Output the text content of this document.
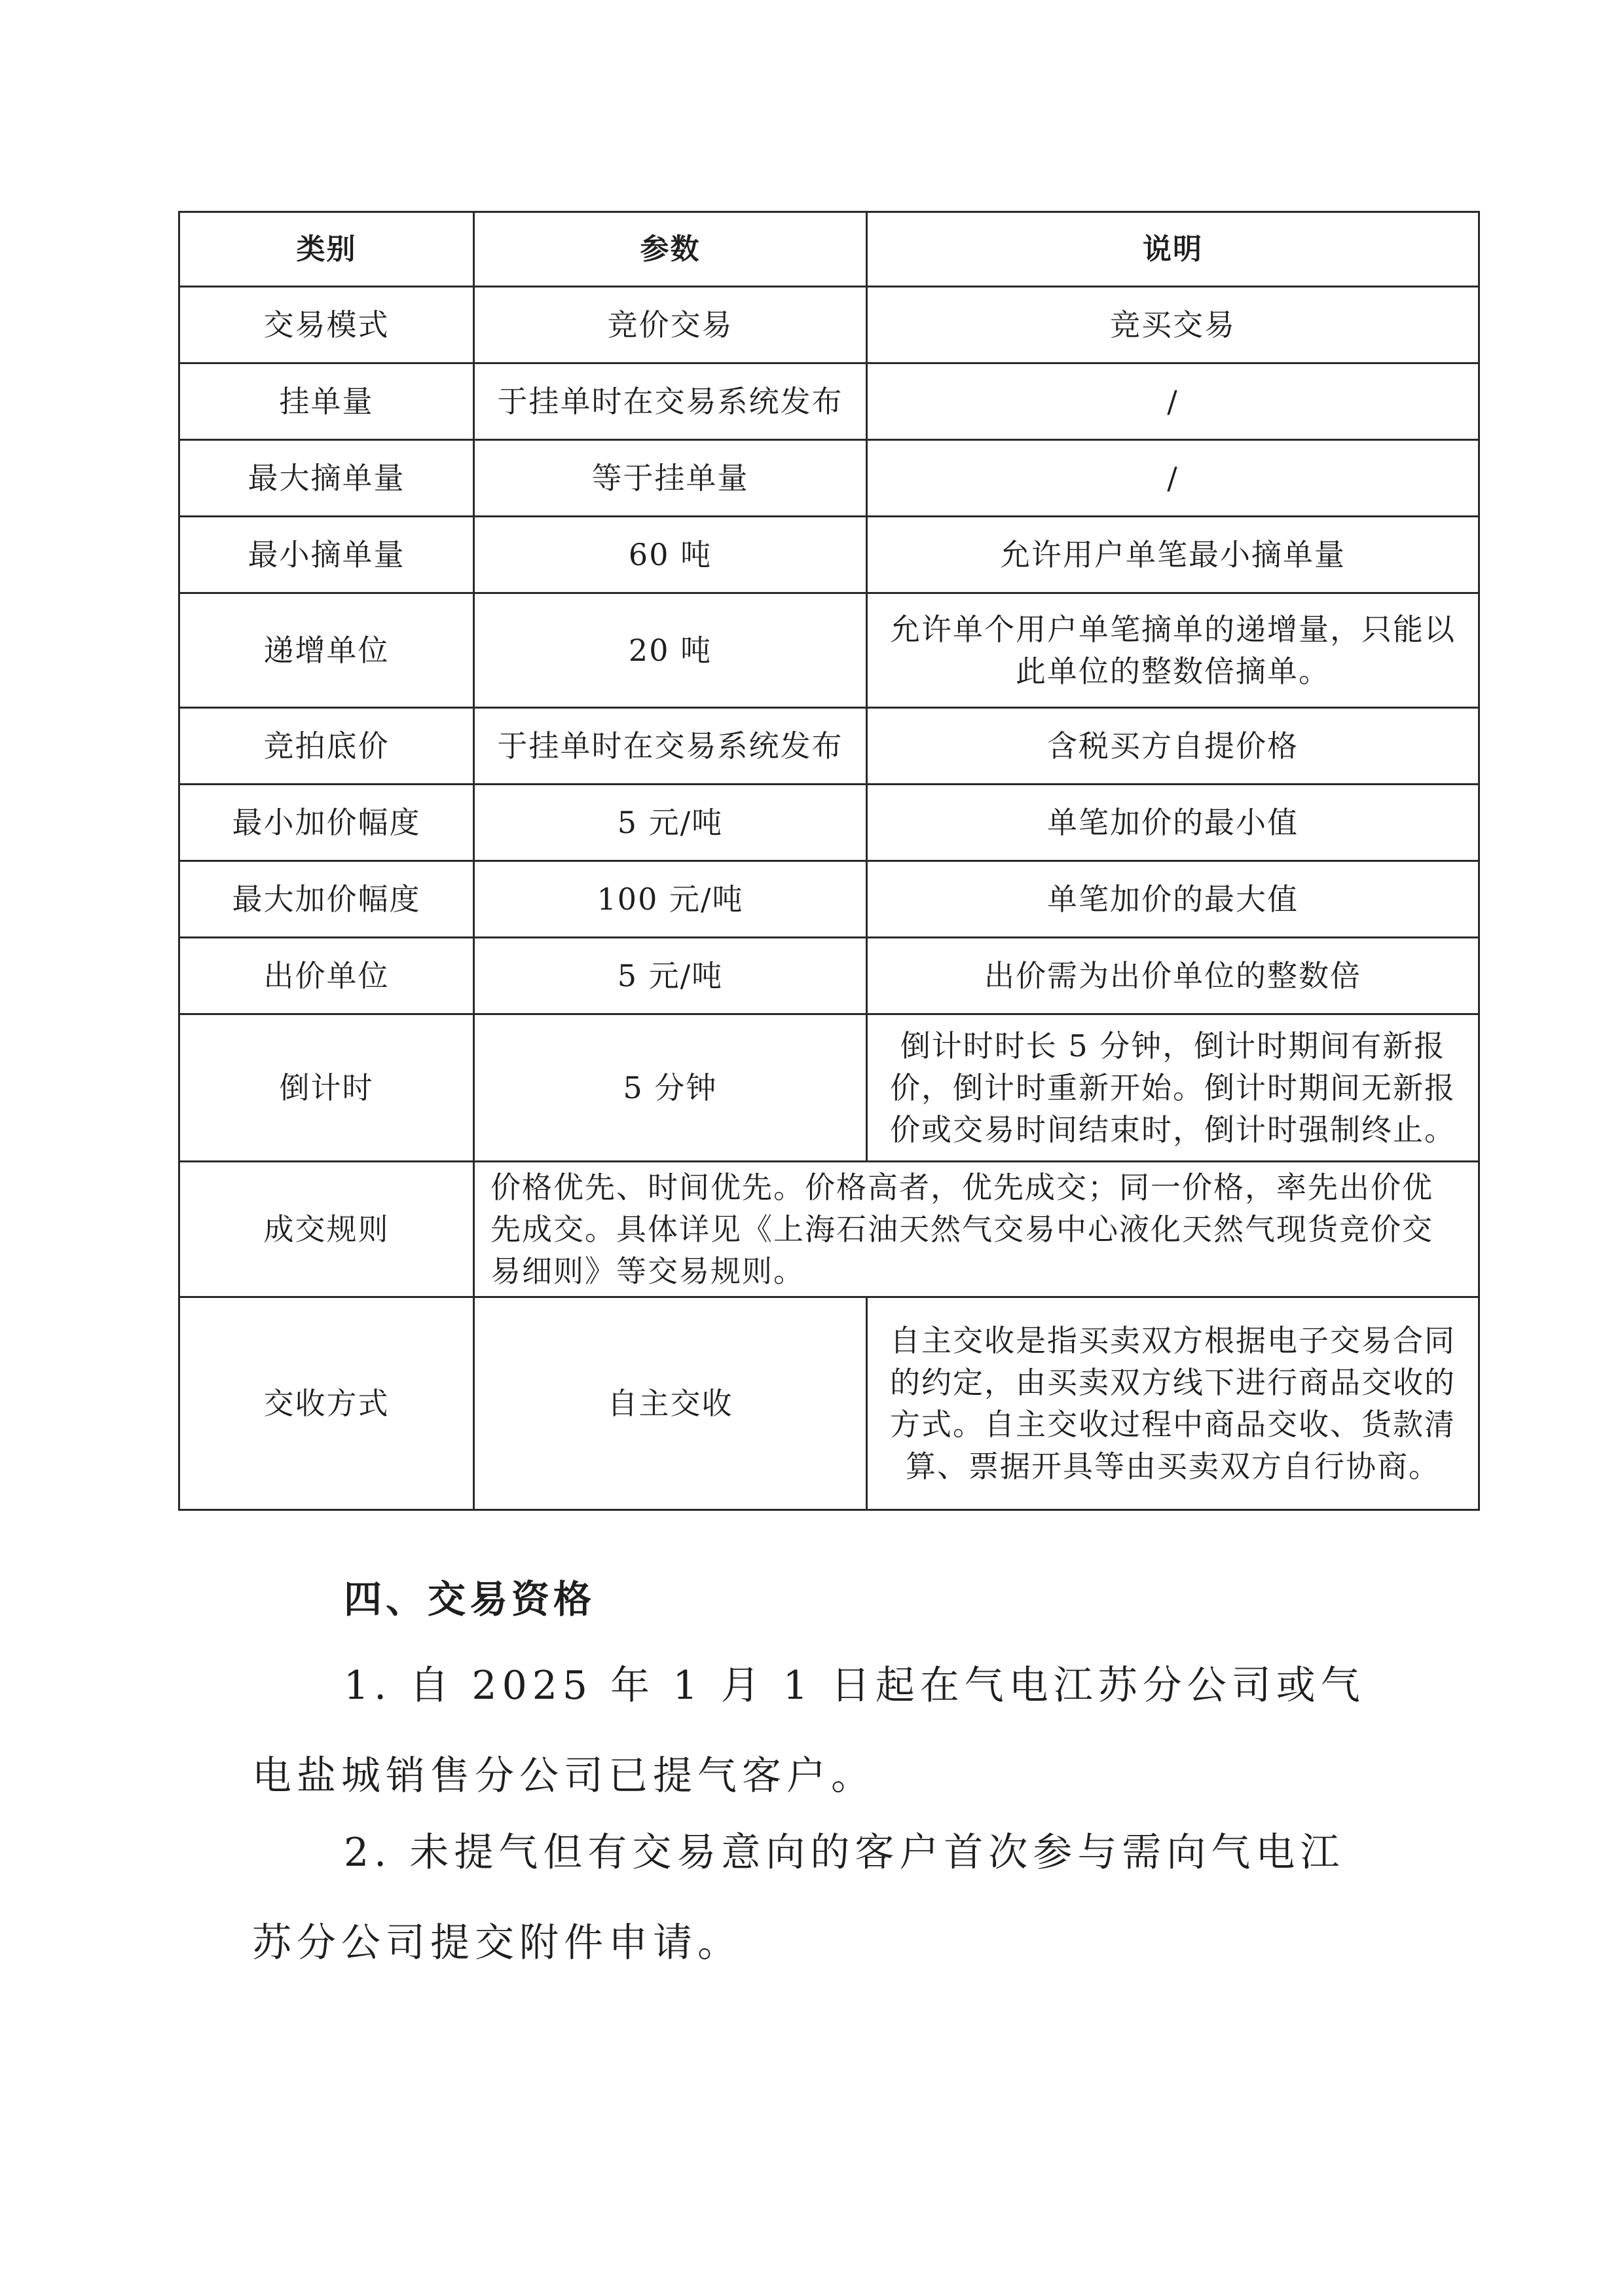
类别	参数	说明
交易模式	竞价交易	竞买交易
挂单量	于挂单时在交易系统发布	/
最大摘单量	等于挂单量	/
最小摘单量	60 吨	允许用户单笔最小摘单量
递增单位	20 吨	允许单个用户单笔摘单的递增量，只能以此单位的整数倍摘单。
竞拍底价	于挂单时在交易系统发布	含税买方自提价格
最小加价幅度	5 元/吨	单笔加价的最小值
最大加价幅度	100 元/吨	单笔加价的最大值
出价单位	5 元/吨	出价需为出价单位的整数倍
倒计时	5 分钟	倒计时时长 5 分钟，倒计时期间有新报价，倒计时重新开始。倒计时期间无新报价或交易时间结束时，倒计时强制终止。
成交规则	价格优先、时间优先。价格高者，优先成交；同一价格，率先出价优先成交。具体详见《上海石油天然气交易中心液化天然气现货竞价交易细则》等交易规则。	
交收方式	自主交收	自主交收是指买卖双方根据电子交易合同的约定，由买卖双方线下进行商品交收的方式。自主交收过程中商品交收、货款清算、票据开具等由买卖双方自行协商。
四、交易资格

1. 自 2025 年 1 月 1 日起在气电江苏分公司或气电盐城销售分公司已提气客户。

2. 未提气但有交易意向的客户首次参与需向气电江苏分公司提交附件申请。
